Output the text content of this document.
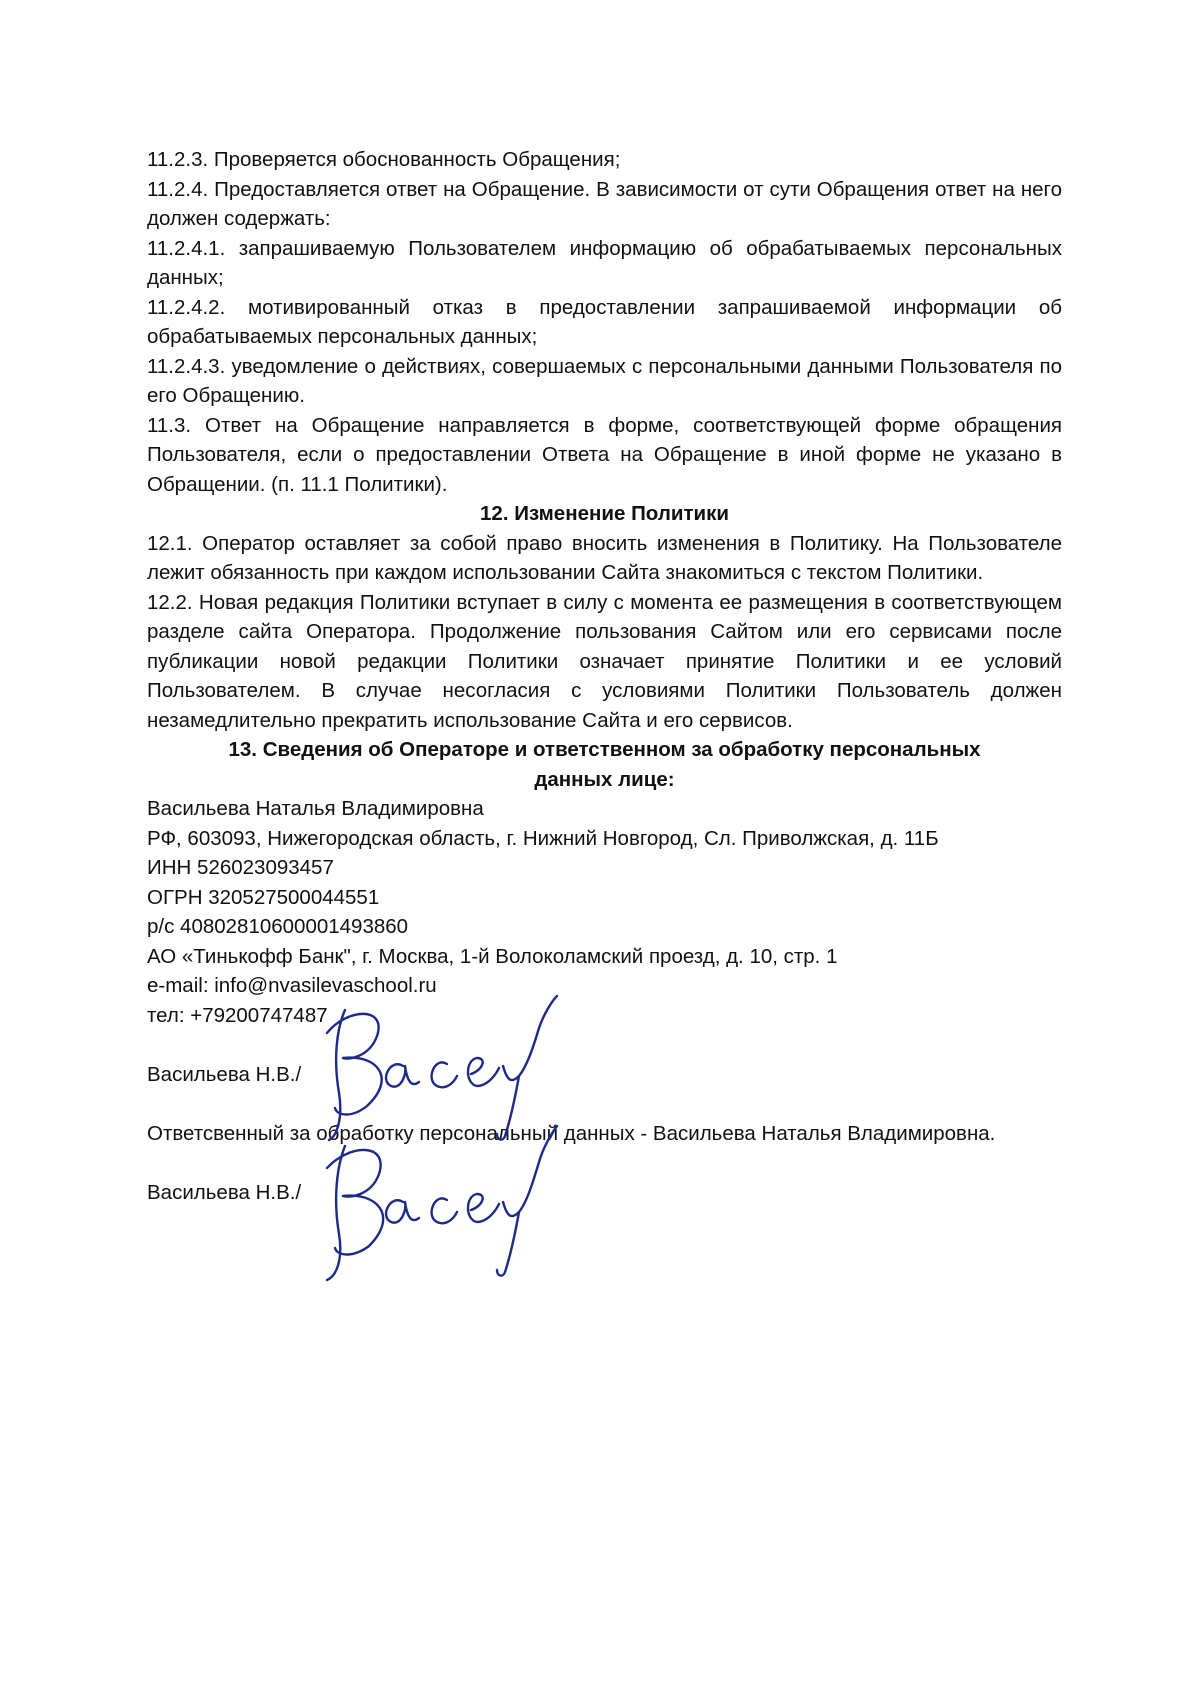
11.2.3. Проверяется обоснованность Обращения;

11.2.4. Предоставляется ответ на Обращение. В зависимости от сути Обращения ответ на него должен содержать:

11.2.4.1. запрашиваемую Пользователем информацию об обрабатываемых персональных данных;

11.2.4.2. мотивированный отказ в предоставлении запрашиваемой информации об обрабатываемых персональных данных;

11.2.4.3. уведомление о действиях, совершаемых с персональными данными Пользователя по его Обращению.

11.3. Ответ на Обращение направляется в форме, соответствующей форме обращения Пользователя, если о предоставлении Ответа на Обращение в иной форме не указано в Обращении. (п. 11.1 Политики).

12. Изменение Политики

12.1. Оператор оставляет за собой право вносить изменения в Политику. На Пользователе лежит обязанность при каждом использовании Сайта знакомиться с текстом Политики.

12.2. Новая редакция Политики вступает в силу с момента ее размещения в соответствующем разделе сайта Оператора. Продолжение пользования Сайтом или его сервисами после публикации новой редакции Политики означает принятие Политики и ее условий Пользователем. В случае несогласия с условиями Политики Пользователь должен незамедлительно прекратить использование Сайта и его сервисов.

13. Сведения об Операторе и ответственном за обработку персональных

данных лице:

Васильева Наталья Владимировна

РФ, 603093, Нижегородская область, г. Нижний Новгород, Сл. Приволжская, д. 11Б

ИНН 526023093457

ОГРН 320527500044551

р/с 40802810600001493860

АО «Тинькофф Банк", г. Москва, 1-й Волоколамский проезд, д. 10, стр. 1

e-mail: info@nvasilevaschool.ru

тел: +79200747487

Васильева Н.В./

Ответсвенный за обработку персональный данных - Васильева Наталья Владимировна.

Васильева Н.В./
